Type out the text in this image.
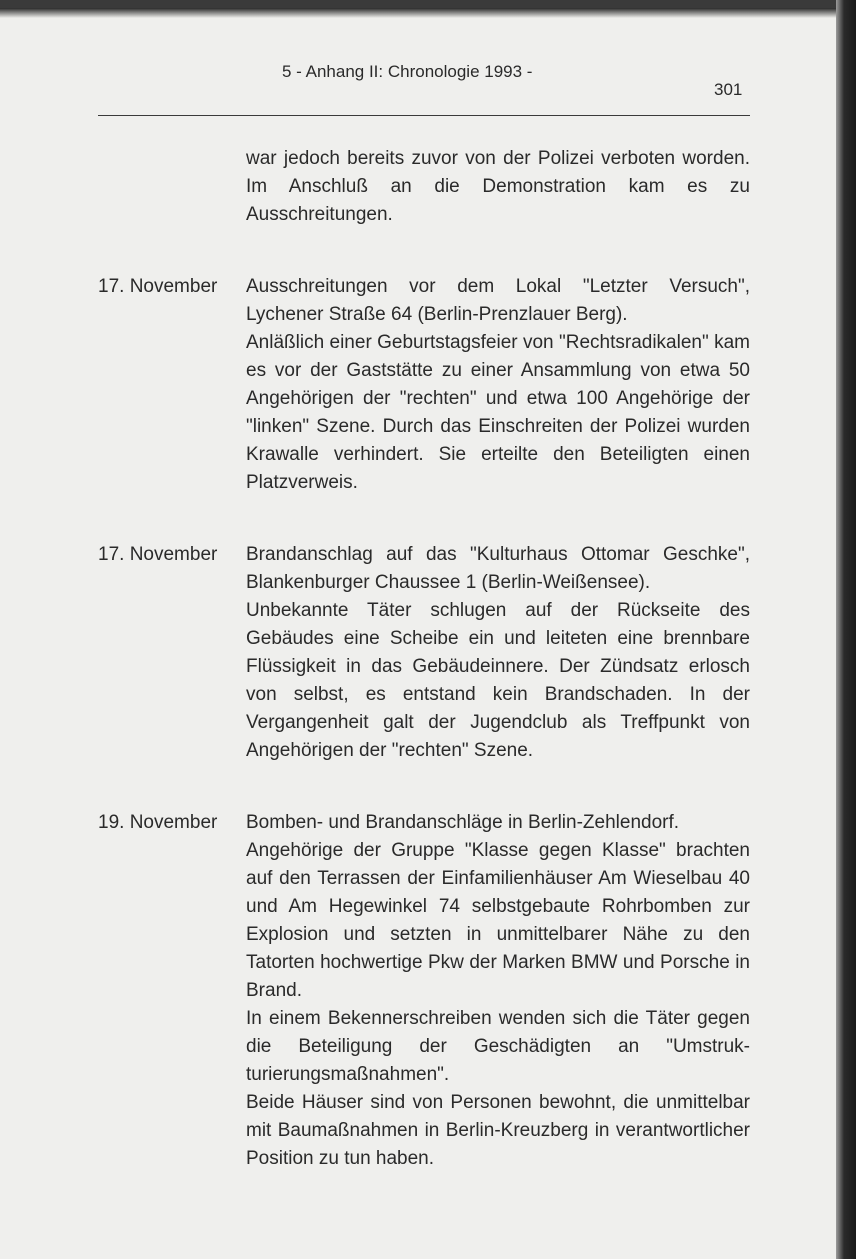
5 - Anhang II: Chronologie 1993 -
301

war jedoch bereits zuvor von der Polizei verboten worden. Im Anschluß an die Demonstration kam es zu Ausschreitungen.

17. November	Ausschreitungen vor dem Lokal "Letzter Versuch", Lychener Straße 64 (Berlin-Prenzlauer Berg).

Anläßlich einer Geburtstagsfeier von "Rechtsradikalen" kam es vor der Gaststätte zu einer Ansammlung von etwa 50 Angehörigen der "rechten" und etwa 100 Angehörige der "linken" Szene. Durch das Einschreiten der Polizei wurden Krawalle verhindert. Sie erteilte den Beteiligten einen Platzverweis.

17. November	Brandanschlag auf das "Kulturhaus Ottomar Geschke", Blankenburger Chaussee 1 (Berlin-Weißensee).

Unbekannte Täter schlugen auf der Rückseite des Gebäudes eine Scheibe ein und leiteten eine brennbare Flüssigkeit in das Gebäudeinnere. Der Zündsatz erlosch von selbst, es entstand kein Brandschaden. In der Vergangenheit galt der Jugendclub als Treffpunkt von Angehörigen der "rechten" Szene.

19. November	Bomben- und Brandanschläge in Berlin-Zehlendorf.

Angehörige der Gruppe "Klasse gegen Klasse" brachten auf den Terrassen der Einfamilienhäuser Am Wieselbau 40 und Am Hegewinkel 74 selbstgebaute Rohrbomben zur Explosion und setzten in unmittelbarer Nähe zu den Tatorten hochwertige Pkw der Marken BMW und Porsche in Brand.

In einem Bekennerschreiben wenden sich die Täter gegen die Beteiligung der Geschädigten an "Umstrukturierungsmaßnahmen".

Beide Häuser sind von Personen bewohnt, die unmittelbar mit Baumaßnahmen in Berlin-Kreuzberg in verantwortlicher Position zu tun haben.
